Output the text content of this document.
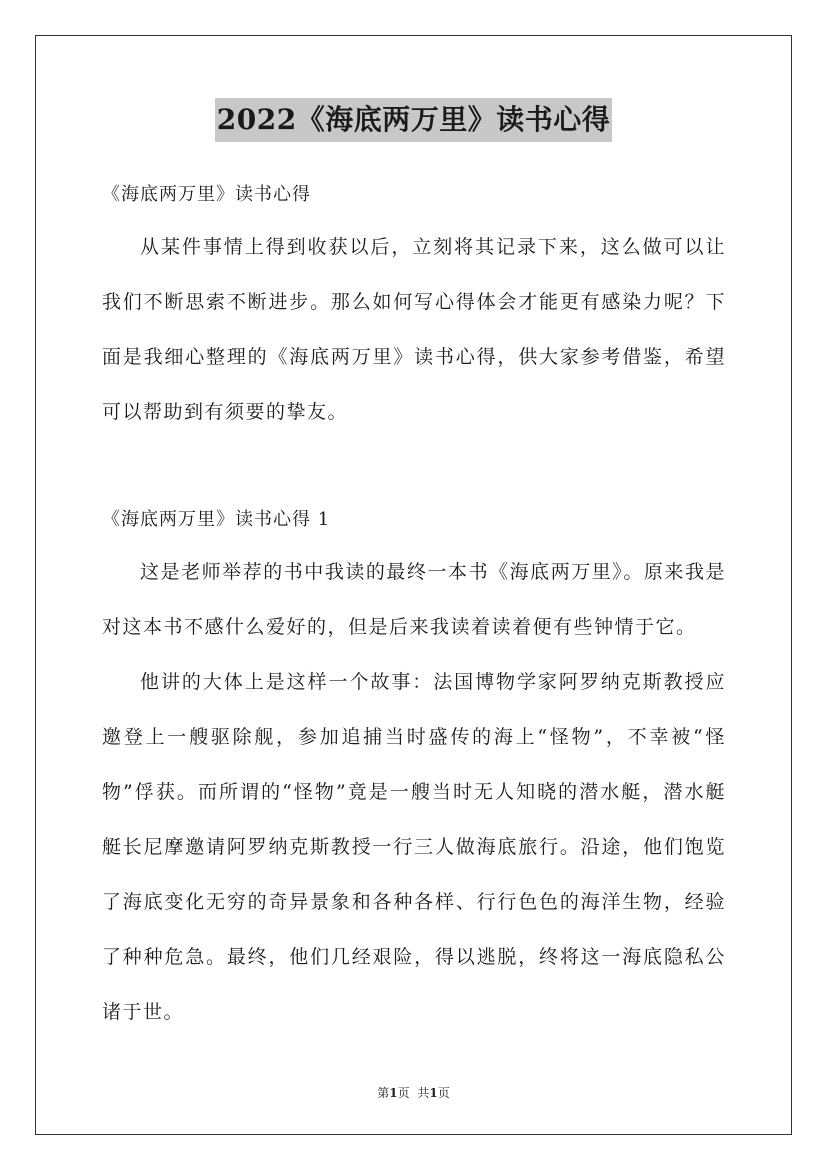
2022《海底两万里》读书心得
《海底两万里》读书心得

从某件事情上得到收获以后，立刻将其记录下来，这么做可以让我们不断思索不断进步。那么如何写心得体会才能更有感染力呢？下面是我细心整理的《海底两万里》读书心得，供大家参考借鉴，希望可以帮助到有须要的挚友。

《海底两万里》读书心得 1

这是老师举荐的书中我读的最终一本书《海底两万里》。原来我是对这本书不感什么爱好的，但是后来我读着读着便有些钟情于它。

他讲的大体上是这样一个故事：法国博物学家阿罗纳克斯教授应邀登上一艘驱除舰，参加追捕当时盛传的海上“怪物”，不幸被“怪物”俘获。而所谓的“怪物”竟是一艘当时无人知晓的潜水艇，潜水艇艇长尼摩邀请阿罗纳克斯教授一行三人做海底旅行。沿途，他们饱览了海底变化无穷的奇异景象和各种各样、行行色色的海洋生物，经验了种种危急。最终，他们几经艰险，得以逃脱，终将这一海底隐私公诸于世。

第1页 共1页
